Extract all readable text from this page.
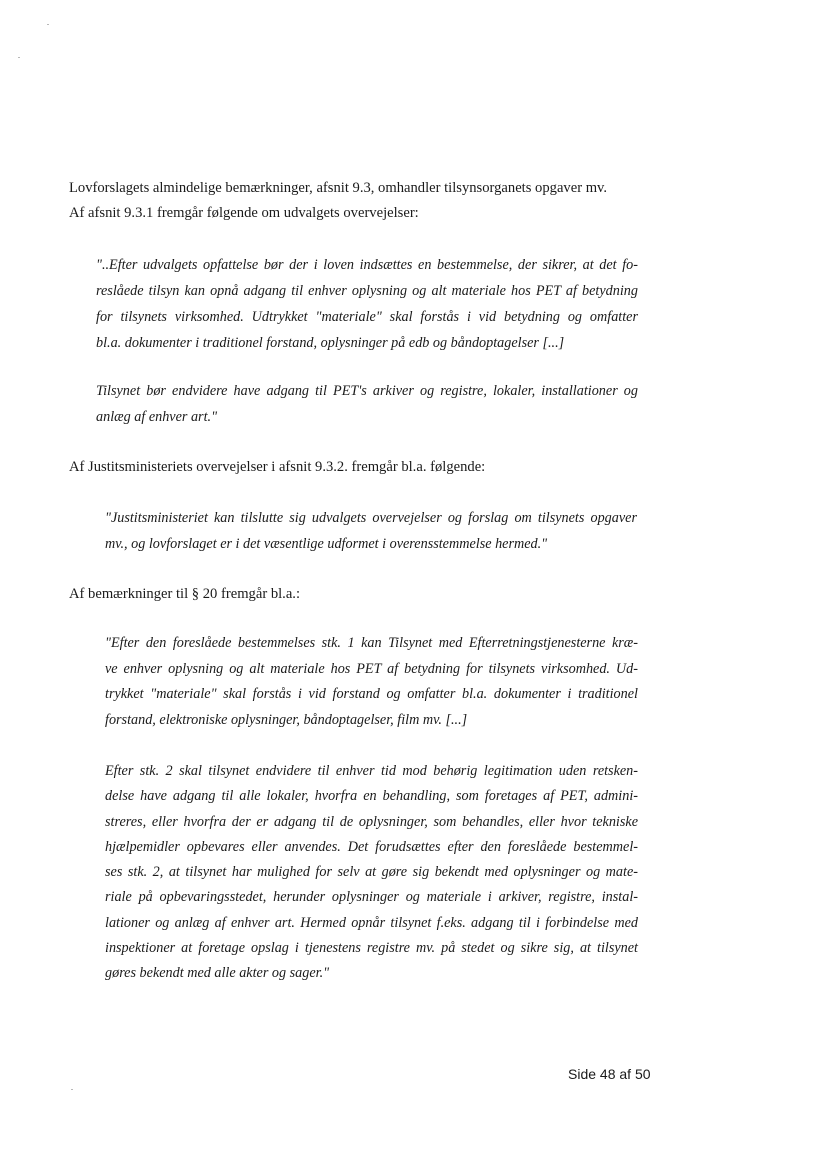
Lovforslagets almindelige bemærkninger, afsnit 9.3, omhandler tilsynsorganets opgaver mv.

Af afsnit 9.3.1 fremgår følgende om udvalgets overvejelser:

"..Efter udvalgets opfattelse bør der i loven indsættes en bestemmelse, der sikrer, at det fo-
reslåede tilsyn kan opnå adgang til enhver oplysning og alt materiale hos PET af betydning
for tilsynets virksomhed. Udtrykket "materiale" skal forstås i vid betydning og omfatter
bl.a. dokumenter i traditionel forstand, oplysninger på edb og båndoptagelser [...]
Tilsynet bør endvidere have adgang til PET's arkiver og registre, lokaler, installationer og
anlæg af enhver art."

Af Justitsministeriets overvejelser i afsnit 9.3.2. fremgår bl.a. følgende:

"Justitsministeriet kan tilslutte sig udvalgets overvejelser og forslag om tilsynets opgaver
mv., og lovforslaget er i det væsentlige udformet i overensstemmelse hermed."

Af bemærkninger til § 20 fremgår bl.a.:

"Efter den foreslåede bestemmelses stk. 1 kan Tilsynet med Efterretningstjenesterne kræ-
ve enhver oplysning og alt materiale hos PET af betydning for tilsynets virksomhed. Ud-
trykket "materiale" skal forstås i vid forstand og omfatter bl.a. dokumenter i traditionel
forstand, elektroniske oplysninger, båndoptagelser, film mv. [...]
Efter stk. 2 skal tilsynet endvidere til enhver tid mod behørig legitimation uden retsken-
delse have adgang til alle lokaler, hvorfra en behandling, som foretages af PET, admini-
streres, eller hvorfra der er adgang til de oplysninger, som behandles, eller hvor tekniske
hjælpemidler opbevares eller anvendes. Det forudsættes efter den foreslåede bestemmel-
ses stk. 2, at tilsynet har mulighed for selv at gøre sig bekendt med oplysninger og mate-
riale på opbevaringsstedet, herunder oplysninger og materiale i arkiver, registre, instal-
lationer og anlæg af enhver art. Hermed opnår tilsynet f.eks. adgang til i forbindelse med
inspektioner at foretage opslag i tjenestens registre mv. på stedet og sikre sig, at tilsynet
gøres bekendt med alle akter og sager."
Side 48 af 50
